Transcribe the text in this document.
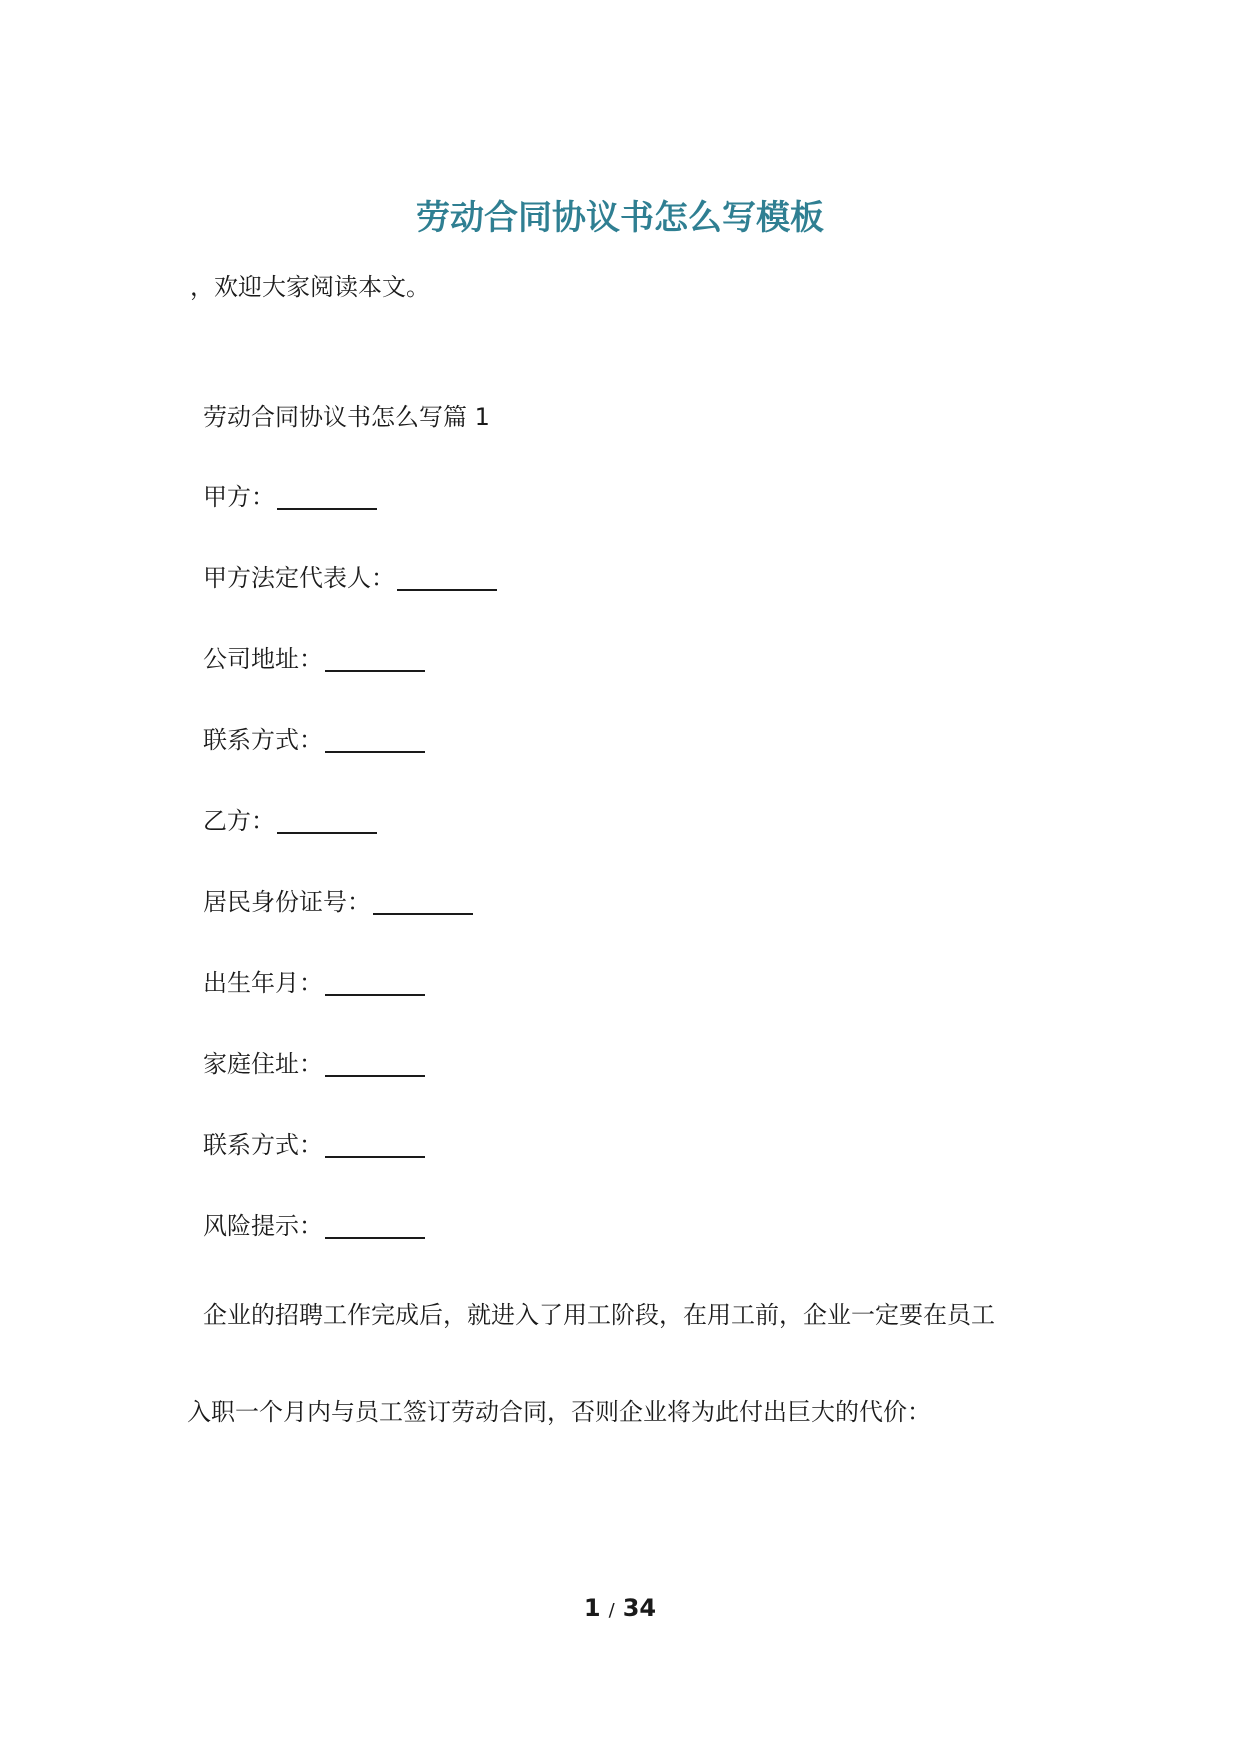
劳动合同协议书怎么写模板
，欢迎大家阅读本文。
劳动合同协议书怎么写篇 1
甲方：
甲方法定代表人：
公司地址：
联系方式：
乙方：
居民身份证号：
出生年月：
家庭住址：
联系方式：
风险提示：
企业的招聘工作完成后，就进入了用工阶段，在用工前，企业一定要在员工
入职一个月内与员工签订劳动合同，否则企业将为此付出巨大的代价：
1 / 34
